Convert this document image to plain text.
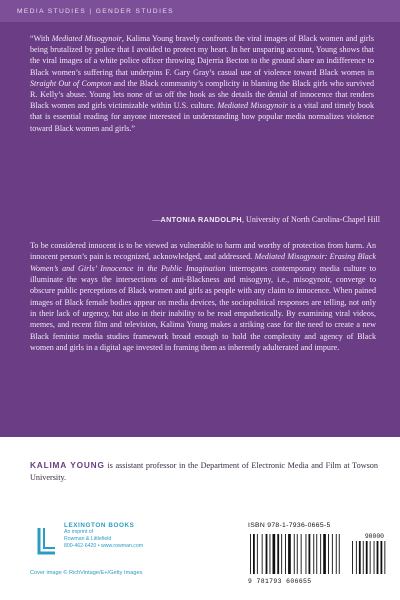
MEDIA STUDIES | GENDER STUDIES
“With Mediated Misogynoir, Kalima Young bravely confronts the viral images of Black women and girls being brutalized by police that I avoided to protect my heart. In her unsparing account, Young shows that the viral images of a white police officer throwing Dajerria Becton to the ground share an indifference to Black women’s suffering that underpins F. Gary Gray’s casual use of violence toward Black women in Straight Out of Compton and the Black community’s complicity in blaming the Black girls who survived R. Kelly’s abuse. Young lets none of us off the hook as she details the denial of innocence that renders Black women and girls victimizable within U.S. culture. Mediated Misogynoir is a vital and timely book that is essential reading for anyone interested in understanding how popular media normalizes violence toward Black women and girls.”
—ANTONIA RANDOLPH, University of North Carolina-Chapel Hill
To be considered innocent is to be viewed as vulnerable to harm and worthy of protection from harm. An innocent person’s pain is recognized, acknowledged, and addressed. Mediated Misogynoir: Erasing Black Women’s and Girls’ Innocence in the Public Imagination interrogates contemporary media culture to illuminate the ways the intersections of anti-Blackness and misogyny, i.e., misogynoir, converge to obscure public perceptions of Black women and girls as people with any claim to innocence. When pained images of Black female bodies appear on media devices, the sociopolitical responses are telling, not only in their lack of urgency, but also in their inability to be read empathetically. By examining viral videos, memes, and recent film and television, Kalima Young makes a striking case for the need to create a new Black feminist media studies framework broad enough to hold the complexity and agency of Black women and girls in a digital age invested in framing them as inherently adulterated and impure.
KALIMA YOUNG is assistant professor in the Department of Electronic Media and Film at Towson University.
LEXINGTON BOOKS
An imprint of
Rowman & Littlefield
800-462-6420 • www.rowman.com
Cover image © RichVintage/E+/Getty Images
ISBN 978-1-7936-0665-5
90000
9 781793 606655
